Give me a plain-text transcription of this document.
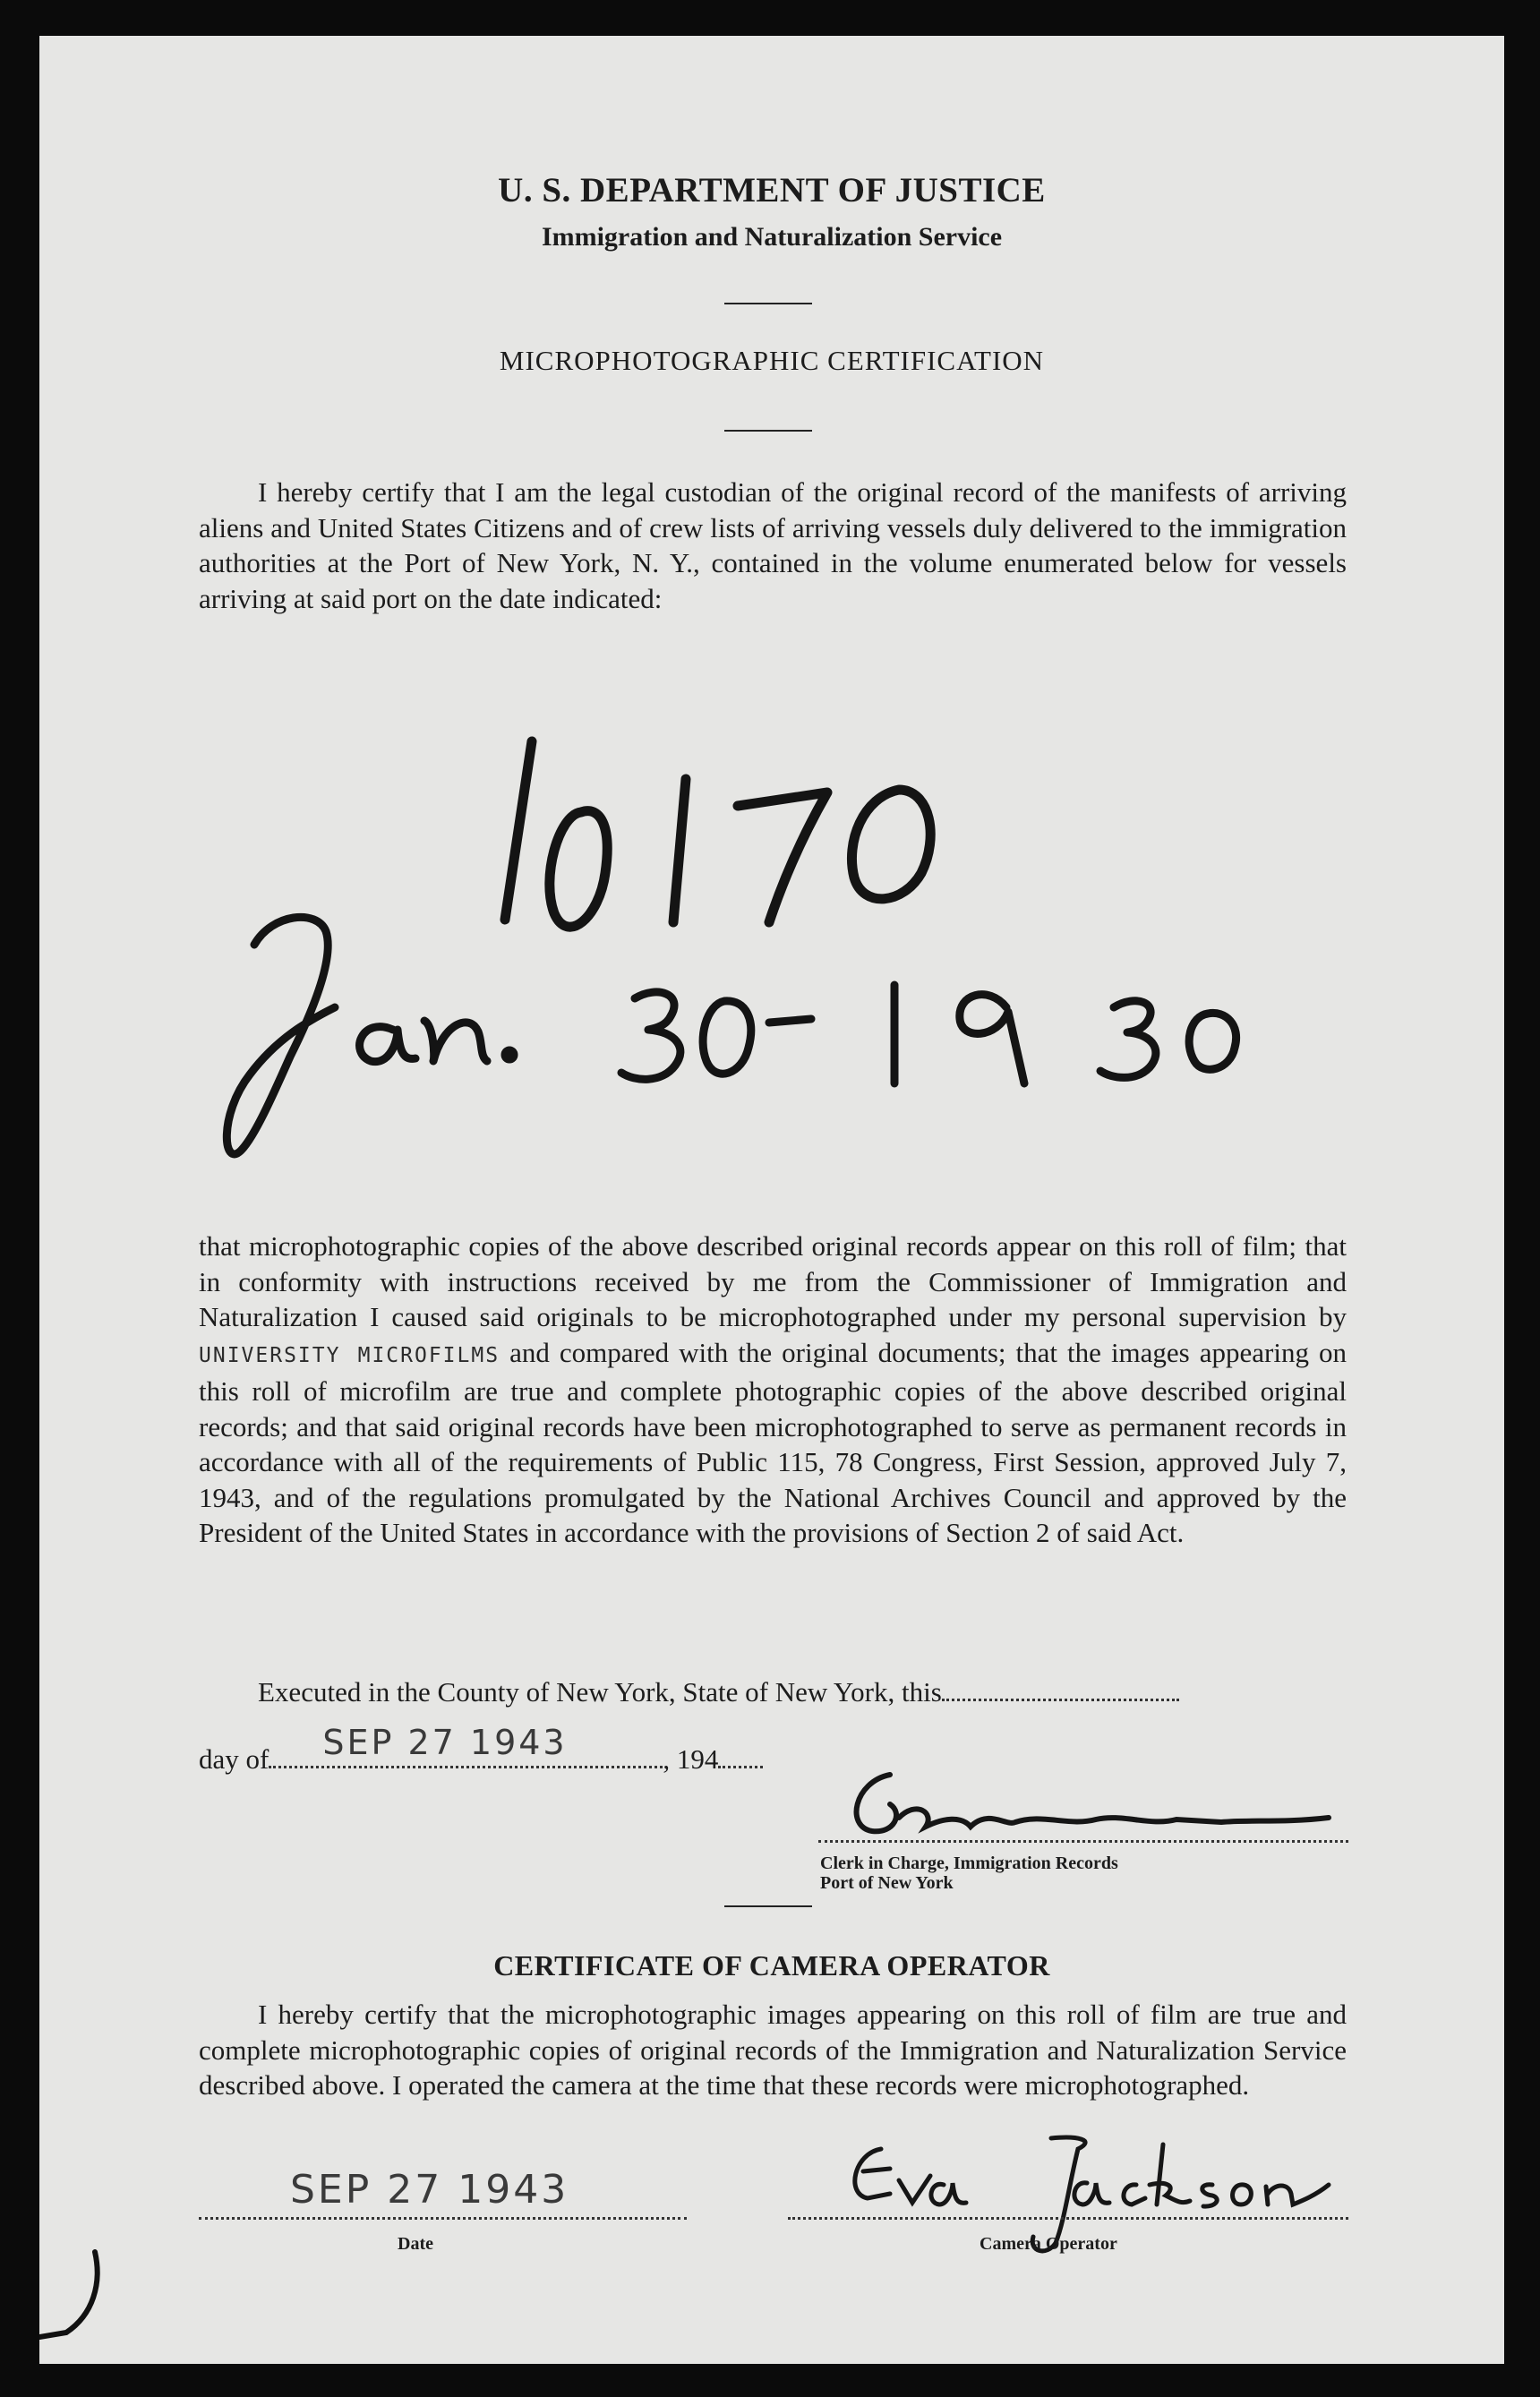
U. S. DEPARTMENT OF JUSTICE
Immigration and Naturalization Service
MICROPHOTOGRAPHIC CERTIFICATION

I hereby certify that I am the legal custodian of the original record of the manifests of arriving aliens and United States Citizens and of crew lists of arriving vessels duly delivered to the immigration authorities at the Port of New York, N. Y., contained in the volume enumerated below for vessels arriving at said port on the date indicated:

that microphotographic copies of the above described original records appear on this roll of film; that in conformity with instructions received by me from the Commissioner of Immigration and Naturalization I caused said originals to be microphotographed under my personal supervision by UNIVERSITY MICROFILMS and compared with the original documents; that the images appearing on this roll of microfilm are true and complete photographic copies of the above described original records; and that said original records have been microphotographed to serve as permanent records in accordance with all of the requirements of Public 115, 78 Congress, First Session, approved July 7, 1943, and of the regulations promulgated by the National Archives Council and approved by the President of the United States in accordance with the provisions of Section 2 of said Act.

Executed in the County of New York, State of New York, this
day of SEP 27 1943	, 194
Clerk in Charge, Immigration Records
Port of New York
CERTIFICATE OF CAMERA OPERATOR

I hereby certify that the microphotographic images appearing on this roll of film are true and complete microphotographic copies of original records of the Immigration and Naturalization Service described above. I operated the camera at the time that these records were microphotographed.

SEP 27 1943
Date	Camera Operator
